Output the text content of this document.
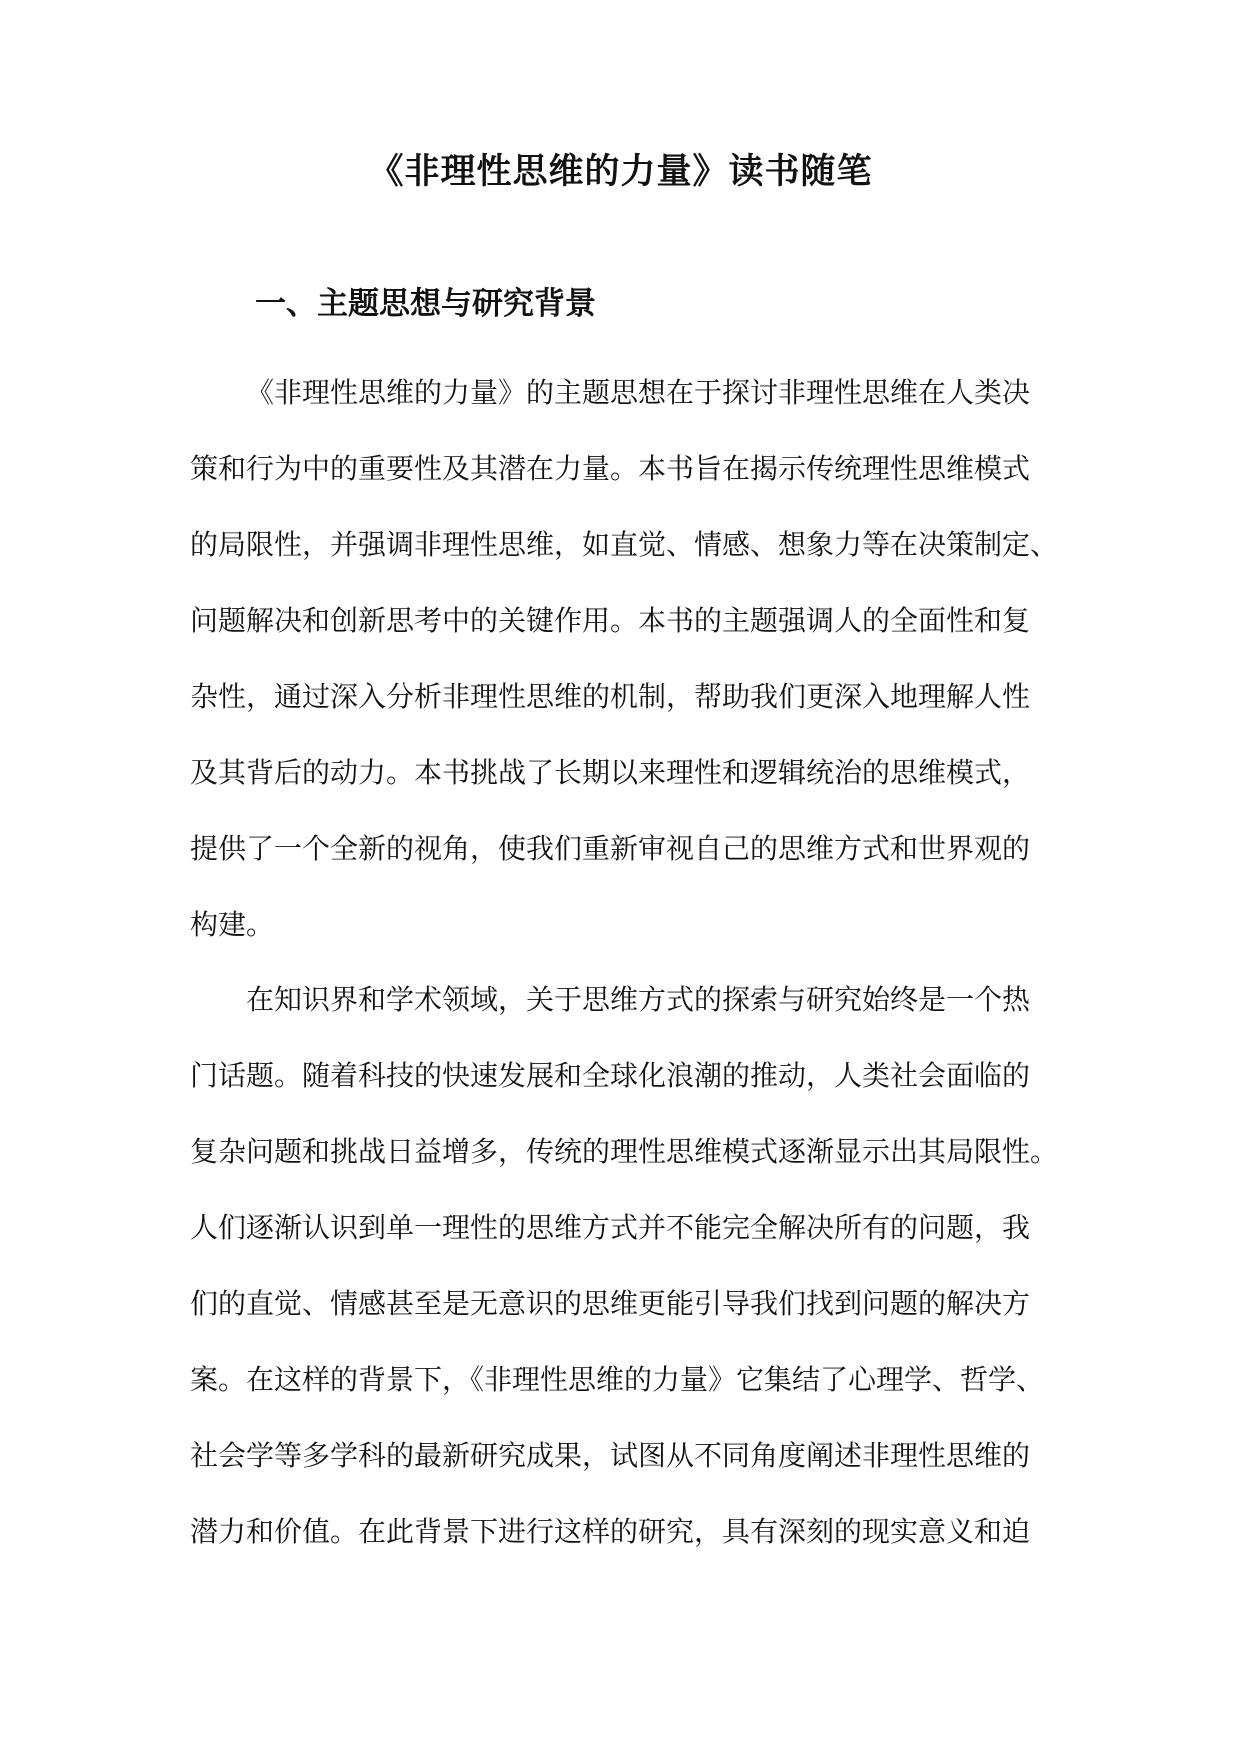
《非理性思维的力量》读书随笔
一、主题思想与研究背景
《非理性思维的力量》的主题思想在于探讨非理性思维在人类决
策和行为中的重要性及其潜在力量。本书旨在揭示传统理性思维模式
的局限性，并强调非理性思维，如直觉、情感、想象力等在决策制定、
问题解决和创新思考中的关键作用。本书的主题强调人的全面性和复
杂性，通过深入分析非理性思维的机制，帮助我们更深入地理解人性
及其背后的动力。本书挑战了长期以来理性和逻辑统治的思维模式，
提供了一个全新的视角，使我们重新审视自己的思维方式和世界观的
构建。
在知识界和学术领域，关于思维方式的探索与研究始终是一个热
门话题。随着科技的快速发展和全球化浪潮的推动，人类社会面临的
复杂问题和挑战日益增多，传统的理性思维模式逐渐显示出其局限性。
人们逐渐认识到单一理性的思维方式并不能完全解决所有的问题，我
们的直觉、情感甚至是无意识的思维更能引导我们找到问题的解决方
案。在这样的背景下，《非理性思维的力量》它集结了心理学、哲学、
社会学等多学科的最新研究成果，试图从不同角度阐述非理性思维的
潜力和价值。在此背景下进行这样的研究，具有深刻的现实意义和迫
